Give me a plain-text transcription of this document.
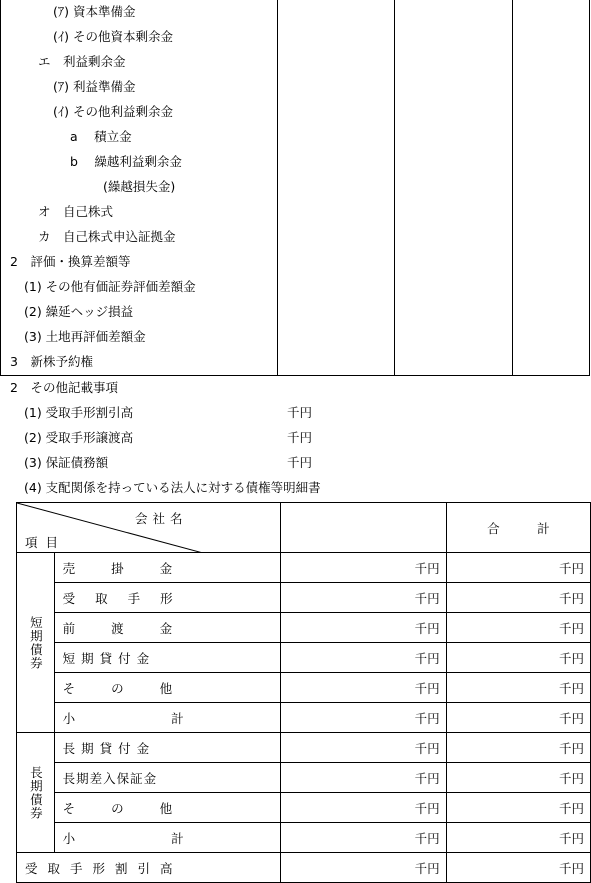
(ｱ) 資本準備金
(ｲ) その他資本剰余金
エ　利益剰余金
(ｱ) 利益準備金
(ｲ) その他利益剰余金
a　 積立金
b　 繰越利益剰余金
(繰越損失金)
オ　自己株式
カ　自己株式申込証拠金
2　評価・換算差額等
(1) その他有価証券評価差額金
(2) 繰延ヘッジ損益
(3) 土地再評価差額金
3　新株予約権
2　その他記載事項
(1) 受取手形割引高	千円
(2) 受取手形譲渡高	千円
(3) 保証債務額	千円
(4) 支配関係を持っている法人に対する債権等明細書
会社名
項目			合　　　計
短期債券	売掛金	千円	千円
	受取手形	千円	千円
	前渡金	千円	千円
	短期貸付金	千円	千円
	その他	千円	千円
	小計	千円	千円
長期債券	長期貸付金	千円	千円
	長期差入保証金	千円	千円
	その他	千円	千円
	小計	千円	千円
受取手形割引高		千円	千円
